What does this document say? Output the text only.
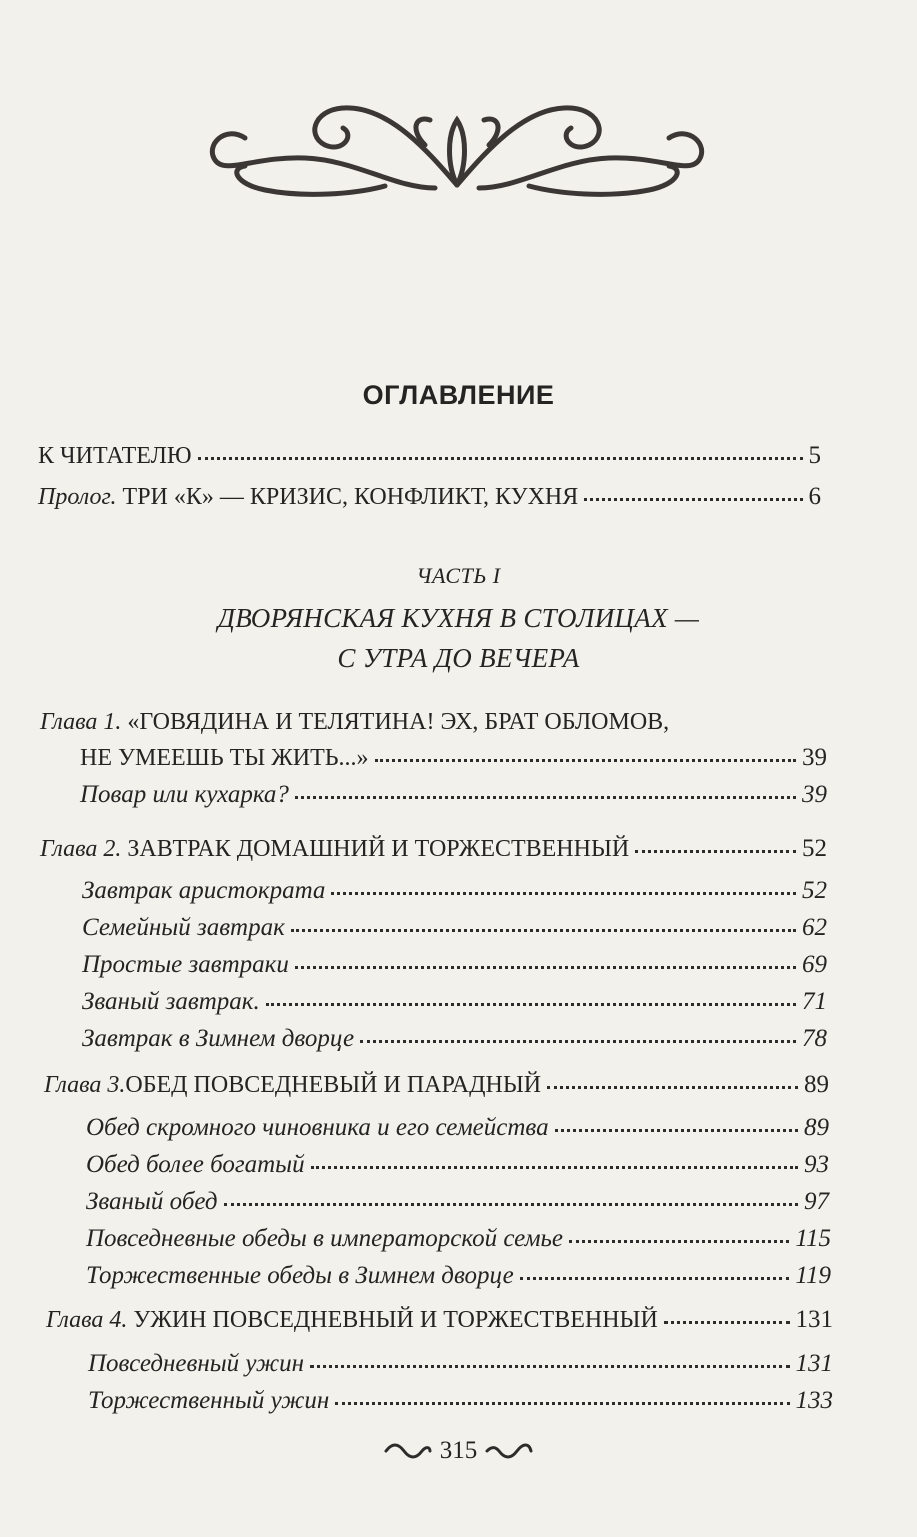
ОГЛАВЛЕНИЕ
К ЧИТАТЕЛЮ	5
Пролог. ТРИ «К» — КРИЗИС, КОНФЛИКТ, КУХНЯ	6
ЧАСТЬ I
ДВОРЯНСКАЯ КУХНЯ В СТОЛИЦАХ —
С УТРА ДО ВЕЧЕРА
Глава 1. «ГОВЯДИНА И ТЕЛЯТИНА! ЭХ, БРАТ ОБЛОМОВ,
НЕ УМЕЕШЬ ТЫ ЖИТЬ...»	39
Повар или кухарка?	39
Глава 2. ЗАВТРАК ДОМАШНИЙ И ТОРЖЕСТВЕННЫЙ	52
Завтрак аристократа	52
Семейный завтрак	62
Простые завтраки	69
Званый завтрак.	71
Завтрак в Зимнем дворце	78
Глава 3.ОБЕД ПОВСЕДНЕВЫЙ И ПАРАДНЫЙ	89
Обед скромного чиновника и его семейства	89
Обед более богатый	93
Званый обед	97
Повседневные обеды в императорской семье	115
Торжественные обеды в Зимнем дворце	119
Глава 4. УЖИН ПОВСЕДНЕВНЫЙ И ТОРЖЕСТВЕННЫЙ	131
Повседневный ужин	131
Торжественный ужин	133
315
